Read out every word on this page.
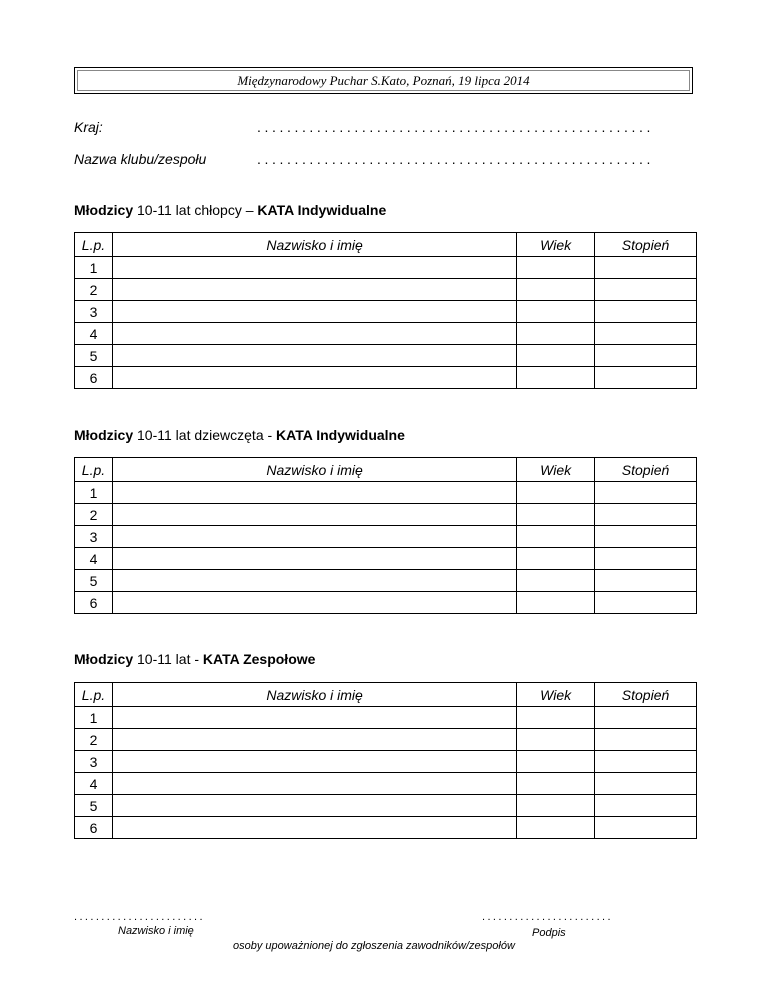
Międzynarodowy Puchar S.Kato, Poznań, 19 lipca 2014
Kraj:	.....................................................
Nazwa klubu/zespołu	.....................................................
Młodzicy 10-11 lat chłopcy – KATA Indywidualne
L.p.	Nazwisko i imię	Wiek	Stopień
1			
2			
3			
4			
5			
6			
Młodzicy 10-11 lat dziewczęta - KATA Indywidualne
L.p.	Nazwisko i imię	Wiek	Stopień
1			
2			
3			
4			
5			
6			
Młodzicy 10-11 lat - KATA Zespołowe
L.p.	Nazwisko i imię	Wiek	Stopień
1			
2			
3			
4			
5			
6			
........................
Nazwisko i imię
........................
Podpis
osoby upoważnionej do zgłoszenia zawodników/zespołów
